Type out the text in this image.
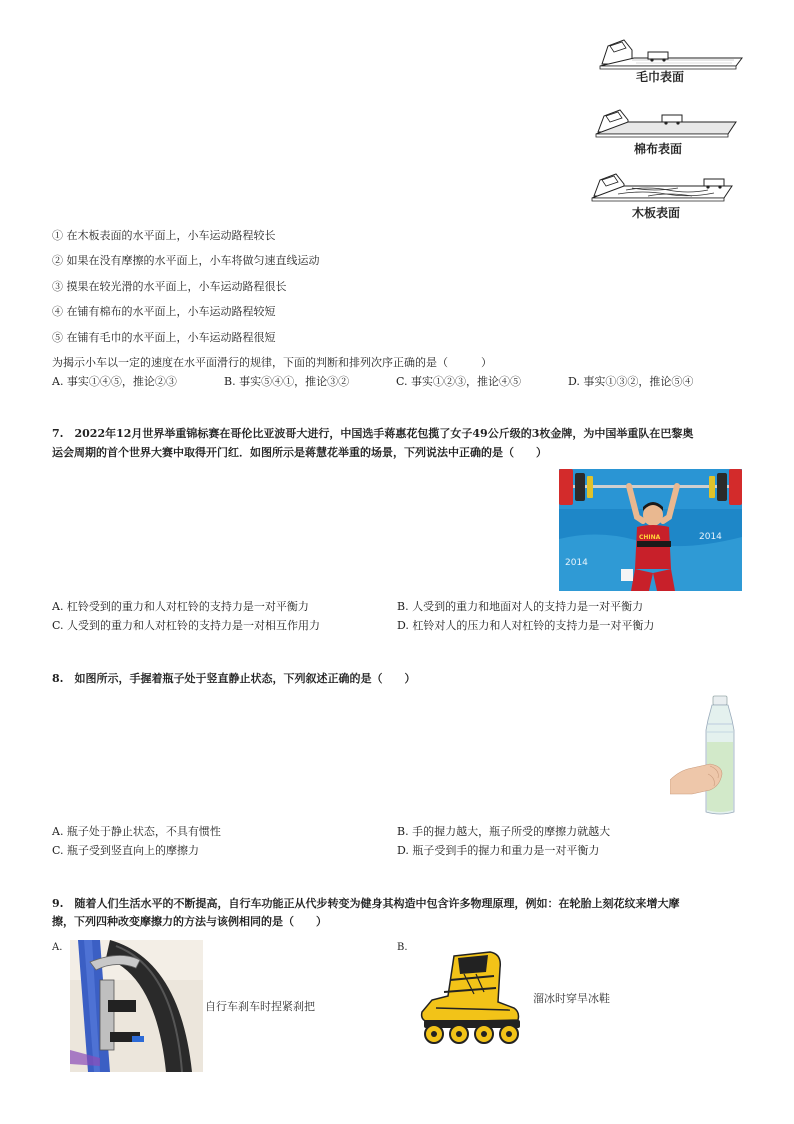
毛巾表面
棉布表面
木板表面
① 在木板表面的水平面上，小车运动路程较长
② 如果在没有摩擦的水平面上，小车将做匀速直线运动
③ 摸果在较光滑的水平面上，小车运动路程很长
④ 在铺有棉布的水平面上，小车运动路程较短
⑤ 在铺有毛巾的水平面上，小车运动路程很短
为揭示小车以一定的速度在水平面滑行的规律，下面的判断和排列次序正确的是（　　　）
A. 事实①④⑤，推论②③	B. 事实⑤④①，推论③②	C. 事实①②③，推论④⑤	D. 事实①③②，推论⑤④
7.　2022年12月世界举重锦标赛在哥伦比亚波哥大进行，中国选手蒋惠花包揽了女子49公斤级的3枚金牌，为中国举重队在巴黎奥
运会周期的首个世界大赛中取得开门红．如图所示是蒋慧花举重的场景，下列说法中正确的是（　　）
2014
2014
CHINA
A. 杠铃受到的重力和人对杠铃的支持力是一对平衡力	B. 人受到的重力和地面对人的支持力是一对平衡力
C. 人受到的重力和人对杠铃的支持力是一对相互作用力	D. 杠铃对人的压力和人对杠铃的支持力是一对平衡力
8.　如图所示，手握着瓶子处于竖直静止状态，下列叙述正确的是（　　）
A. 瓶子处于静止状态，不具有惯性	B. 手的握力越大，瓶子所受的摩擦力就越大
C. 瓶子受到竖直向上的摩擦力	D. 瓶子受到手的握力和重力是一对平衡力
9.　随着人们生活水平的不断提高，自行车功能正从代步转变为健身其构造中包含许多物理原理，例如：在轮胎上刻花纹来增大摩
擦，下列四种改变摩擦力的方法与该例相同的是（　　）
A.
自行车刹车时捏紧刹把
B.
溜冰时穿旱冰鞋
